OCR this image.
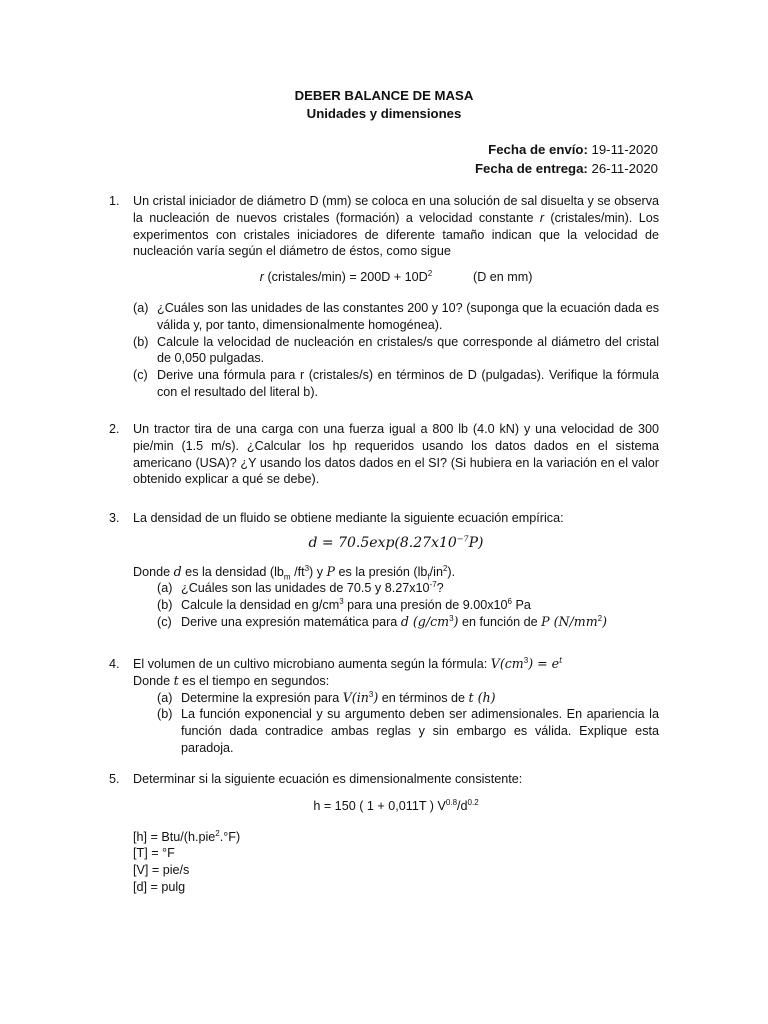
DEBER BALANCE DE MASA
Unidades y dimensiones
Fecha de envío: 19-11-2020
Fecha de entrega: 26-11-2020
1.	Un cristal iniciador de diámetro D (mm) se coloca en una solución de sal disuelta y se observa la nucleación de nuevos cristales (formación) a velocidad constante r (cristales/min). Los experimentos con cristales iniciadores de diferente tamaño indican que la velocidad de nucleación varía según el diámetro de éstos, como sigue
r (cristales/min) = $200D + 10D^2$	(D en mm)
(a) ¿Cuáles son las unidades de las constantes 200 y 10? (suponga que la ecuación dada es válida y, por tanto, dimensionalmente homogénea).
(b) Calcule la velocidad de nucleación en cristales/s que corresponde al diámetro del cristal de 0,050 pulgadas.
(c) Derive una fórmula para r (cristales/s) en términos de D (pulgadas). Verifique la fórmula con el resultado del literal b).
2.	Un tractor tira de una carga con una fuerza igual a 800 lb (4.0 kN) y una velocidad de 300 pie/min (1.5 m/s). ¿Calcular los hp requeridos usando los datos dados en el sistema americano (USA)? ¿Y usando los datos dados en el SI? (Si hubiera en la variación en el valor obtenido explicar a qué se debe).
3.	La densidad de un fluido se obtiene mediante la siguiente ecuación empírica:
$d = 70.5\exp(8.27x10^{-7}P)$
Donde d es la densidad ($lb_m$ $/ft^3$) y P es la presión $(lb_f/in^2)$.
(a) ¿Cuáles son las unidades de 70.5 y $8.27x10^{-7}$?
(b) Calcule la densidad en $g/cm^3$ para una presión de $9.00x10^6$ Pa
(c) Derive una expresión matemática para d $(g/cm^3)$ en función de P $(N/mm^2)$
4.	El volumen de un cultivo microbiano aumenta según la fórmula: $V(cm^3) = e^t$
Donde t es el tiempo en segundos:
(a) Determine la expresión para $V(in^3)$ en términos de t (h)
(b) La función exponencial y su argumento deben ser adimensionales. En apariencia la función dada contradice ambas reglas y sin embargo es válida. Explique esta paradoja.
5.	Determinar si la siguiente ecuación es dimensionalmente consistente:
h = 150 ( 1 + 0,011T ) $V^{0.8}/d^{0.2}$
[h] = Btu/(h.pie$^2$.°F)
[T] = °F
[V] = pie/s
[d] = pulg
